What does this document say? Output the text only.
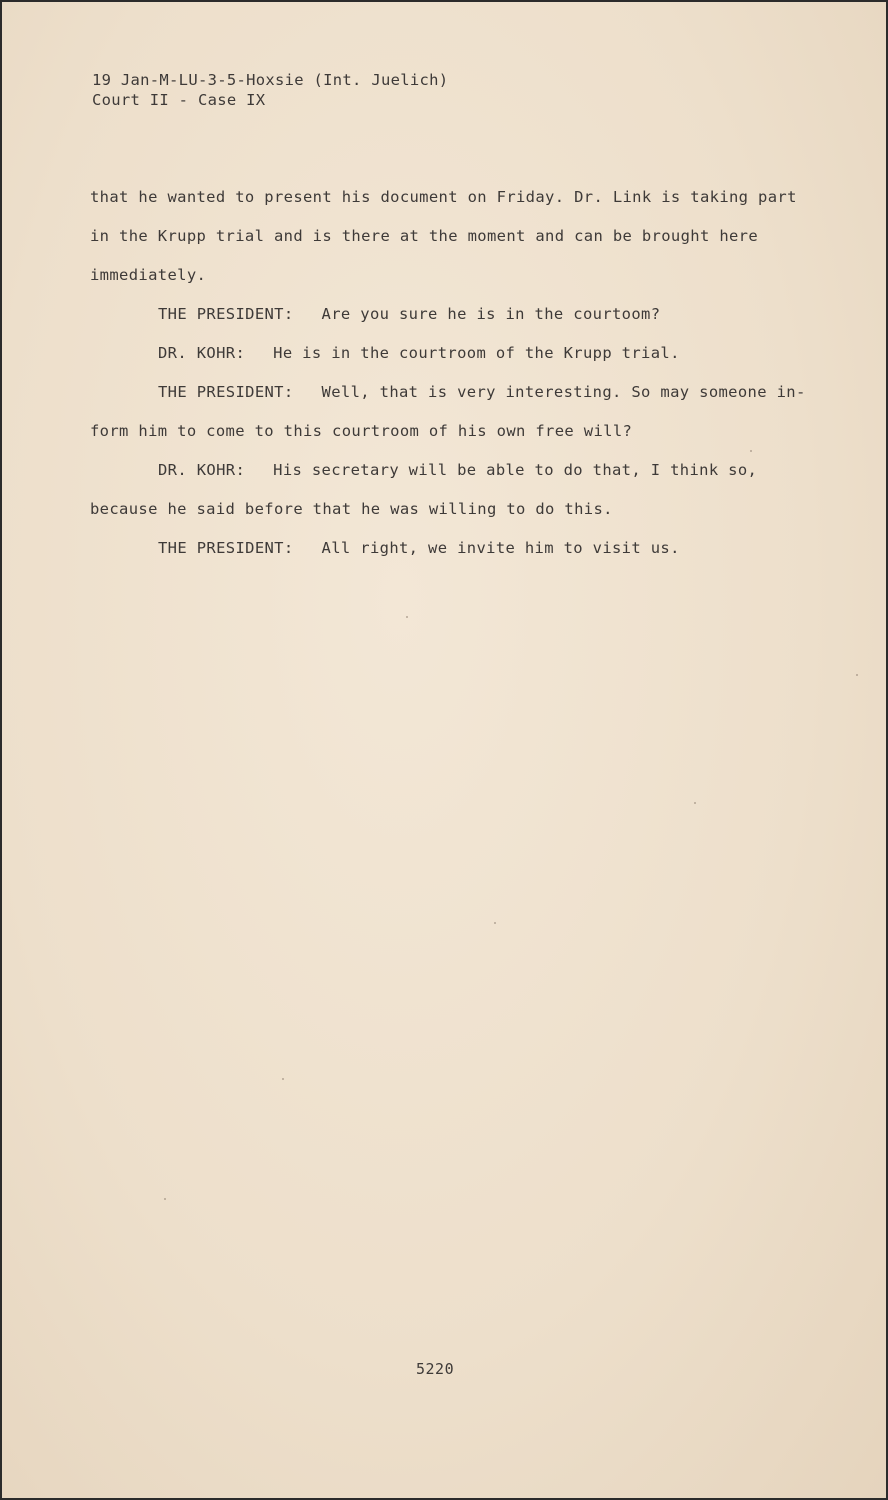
19 Jan-M-LU-3-5-Hoxsie (Int. Juelich)
Court II - Case IX
that he wanted to present his document on Friday. Dr. Link is taking part
in the Krupp trial and is there at the moment and can be brought here
immediately.
THE PRESIDENT: Are you sure he is in the courtoom?
DR. KOHR: He is in the courtroom of the Krupp trial.
THE PRESIDENT: Well, that is very interesting. So may someone in-
form him to come to this courtroom of his own free will?
DR. KOHR: His secretary will be able to do that, I think so,
because he said before that he was willing to do this.
THE PRESIDENT: All right, we invite him to visit us.
5220
